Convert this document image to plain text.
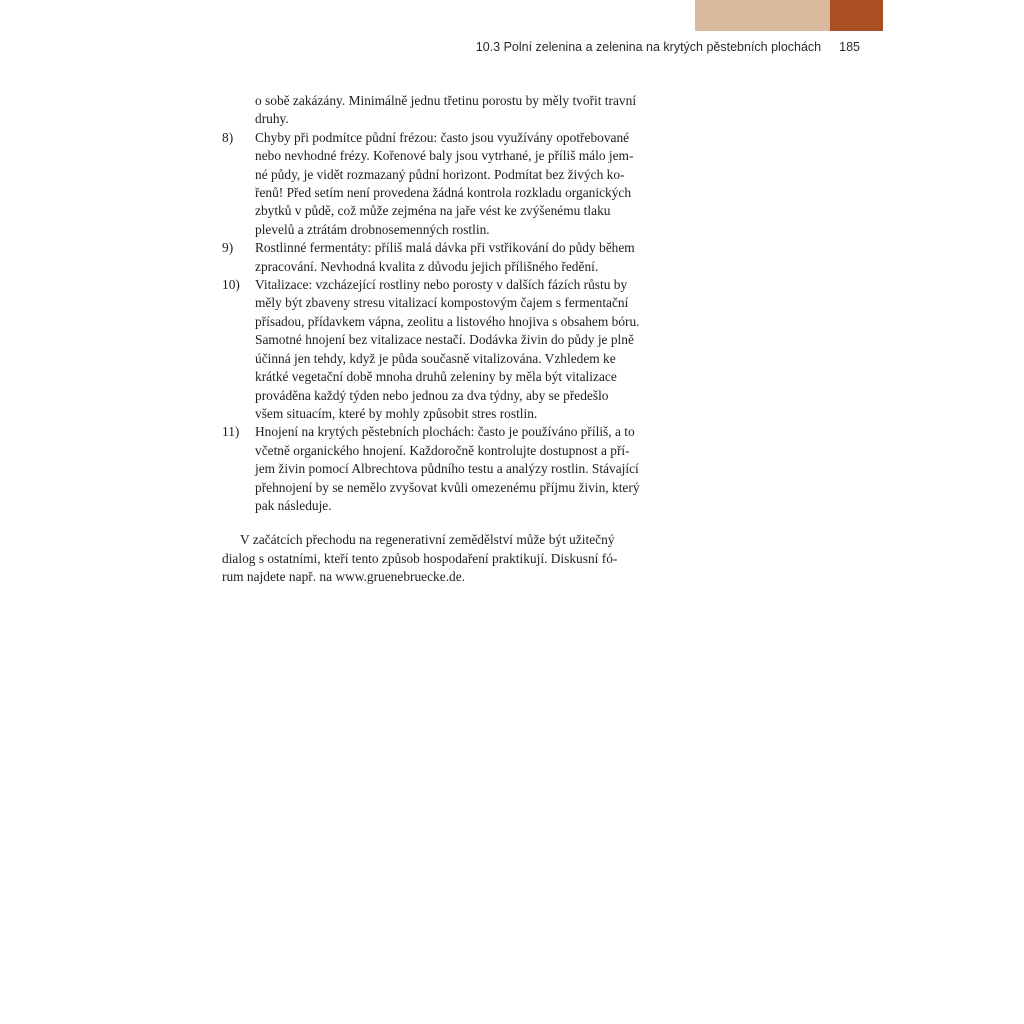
10.3 Polní zelenina a zelenina na krytých pěstebních plochách 185
o sobě zakázány. Minimálně jednu třetinu porostu by měly tvořit travní
druhy.
8)	Chyby při podmítce půdní frézou: často jsou využívány opotřebované
nebo nevhodné frézy. Kořenové baly jsou vytrhané, je příliš málo jem-
né půdy, je vidět rozmazaný půdní horizont. Podmítat bez živých ko-
řenů! Před setím není provedena žádná kontrola rozkladu organických
zbytků v půdě, což může zejména na jaře vést ke zvýšenému tlaku
plevelů a ztrátám drobnosemenných rostlin.
9)	Rostlinné fermentáty: příliš malá dávka při vstřikování do půdy během
zpracování. Nevhodná kvalita z důvodu jejich přílišného ředění.
10)	Vitalizace: vzcházející rostliny nebo porosty v dalších fázích růstu by
měly být zbaveny stresu vitalizací kompostovým čajem s fermentační
přísadou, přídavkem vápna, zeolitu a listového hnojiva s obsahem bóru.
Samotné hnojení bez vitalizace nestačí. Dodávka živin do půdy je plně
účinná jen tehdy, když je půda současně vitalizována. Vzhledem ke
krátké vegetační době mnoha druhů zeleniny by měla být vitalizace
prováděna každý týden nebo jednou za dva týdny, aby se předešlo
všem situacím, které by mohly způsobit stres rostlin.
11)	Hnojení na krytých pěstebních plochách: často je používáno příliš, a to
včetně organického hnojení. Každoročně kontrolujte dostupnost a pří-
jem živin pomocí Albrechtova půdního testu a analýzy rostlin. Stávající
přehnojení by se nemělo zvyšovat kvůli omezenému příjmu živin, který
pak následuje.
V začátcích přechodu na regenerativní zemědělství může být užitečný
dialog s ostatními, kteří tento způsob hospodaření praktikují. Diskusní fó-
rum najdete např. na www.gruenebruecke.de.
